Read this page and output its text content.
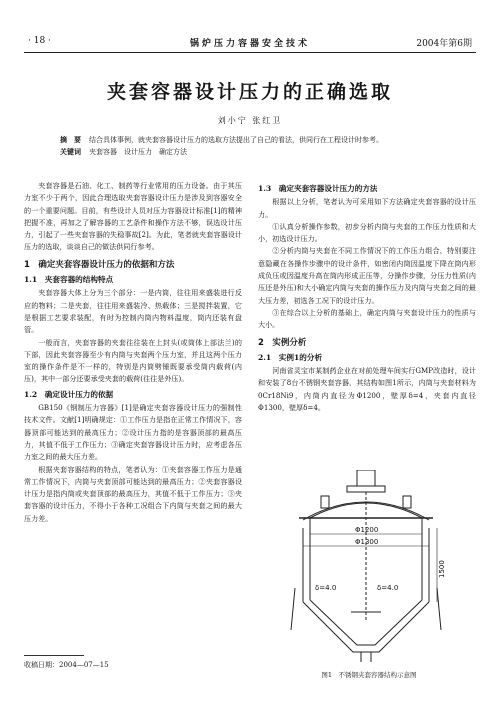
· 18 ·	锅炉压力容器安全技术	2004年第6期
夹套容器设计压力的正确选取
刘小宁 张红卫
摘　要 结合具体事例，就夹套容器设计压力的选取方法提出了自己的看法，供同行在工程设计时参考。
关键词 夹套容器　设计压力　确定方法

夹套容器是石油、化工、制药等行业常用的压力设备。由于其压力室不少于两个，因此合理选取夹套容器设计压力是涉及到容器安全的一个重要问题。目前，有些设计人员对压力容器设计标准[1]的精神把握不准，再加之了解容器的工艺条件和操作方法不够，误选设计压力，引起了一些夹套容器的失稳事故[2]。为此，笔者就夹套容器设计压力的选取，谈谈自己的做法供同行参考。

1　确定夹套容器设计压力的依据和方法
1.1　夹套容器的结构特点

夹套容器大体上分为三个部分：一是内筒，往往用来盛装进行反应的物料；二是夹套，往往用来盛装冷、热载体；三是搅拌装置，它是根据工艺要求装配，有时为控制内筒内物料温度，筒内还装有盘管。

一般而言，夹套容器的夹套往往装在上封头(或筒体上部法兰)的下部，因此夹套容器至少有内筒与夹套两个压力室，并且这两个压力室的操作条件是不一样的，特别是内筒劈锤既要承受筒内载荷(内压)，其中一部分还要承受夹套的载荷(往往是外压)。

1.2　确定设计压力的依据

GB150《钢制压力容器》[1]是确定夹套容器设计压力的强制性技术文件。文献[1]明确规定：①工作压力是指在正常工作情况下，容器顶部可能达到的最高压力；②设计压力指的是容器顶部的最高压力，其值不低于工作压力；③确定夹套容器设计压力时，应考虑各压力室之间的最大压力差。

根据夹套容器结构的特点，笔者认为：①夹套容器工作压力是通常工作情况下，内筒与夹套顶部可能达到的最高压力；②夹套容器设计压力是指内筒或夹套顶部的最高压力，其值不低于工作压力；③夹套容器的设计压力，不得小于各种工况组合下内筒与夹套之间的最大压力差。

收稿日期：2004—07—15
1.3　确定夹套容器设计压力的方法

根据以上分析，笔者认为可采用如下方法确定夹套容器的设计压力。

①认真分析操作参数，初步分析内筒与夹套的工作压力性质和大小，初选设计压力。

②分析内筒与夹套在不同工作情况下的工作压力组合，特别要注意隐藏在各操作步骤中的设计条件，如密闭内筒因温度下降在筒内形成负压或因温度升高在筒内形成正压等，分操作步骤，分压力性质(内压还是外压)和大小确定内筒与夹套的操作压力及内筒与夹套之间的最大压力差，初选各工况下的设计压力。

③在综合以上分析的基础上，确定内筒与夹套设计压力的性质与大小。

2　实例分析
2.1　实例1的分析

河南省灵宝市某制药企业在对前处理车间实行GMP改造时，设计和安装了8台不锈钢夹套容器，其结构如图1所示，内筒与夹套材料为0Cr18Ni9，内筒内直径为Φ1200，壁厚δ=4，夹套内直径Φ1300，壁厚δ=4。

Φ1200
Φ1300
δ=4.0
δ=4.0
1500
图1　不锈钢夹套容器结构示意图
